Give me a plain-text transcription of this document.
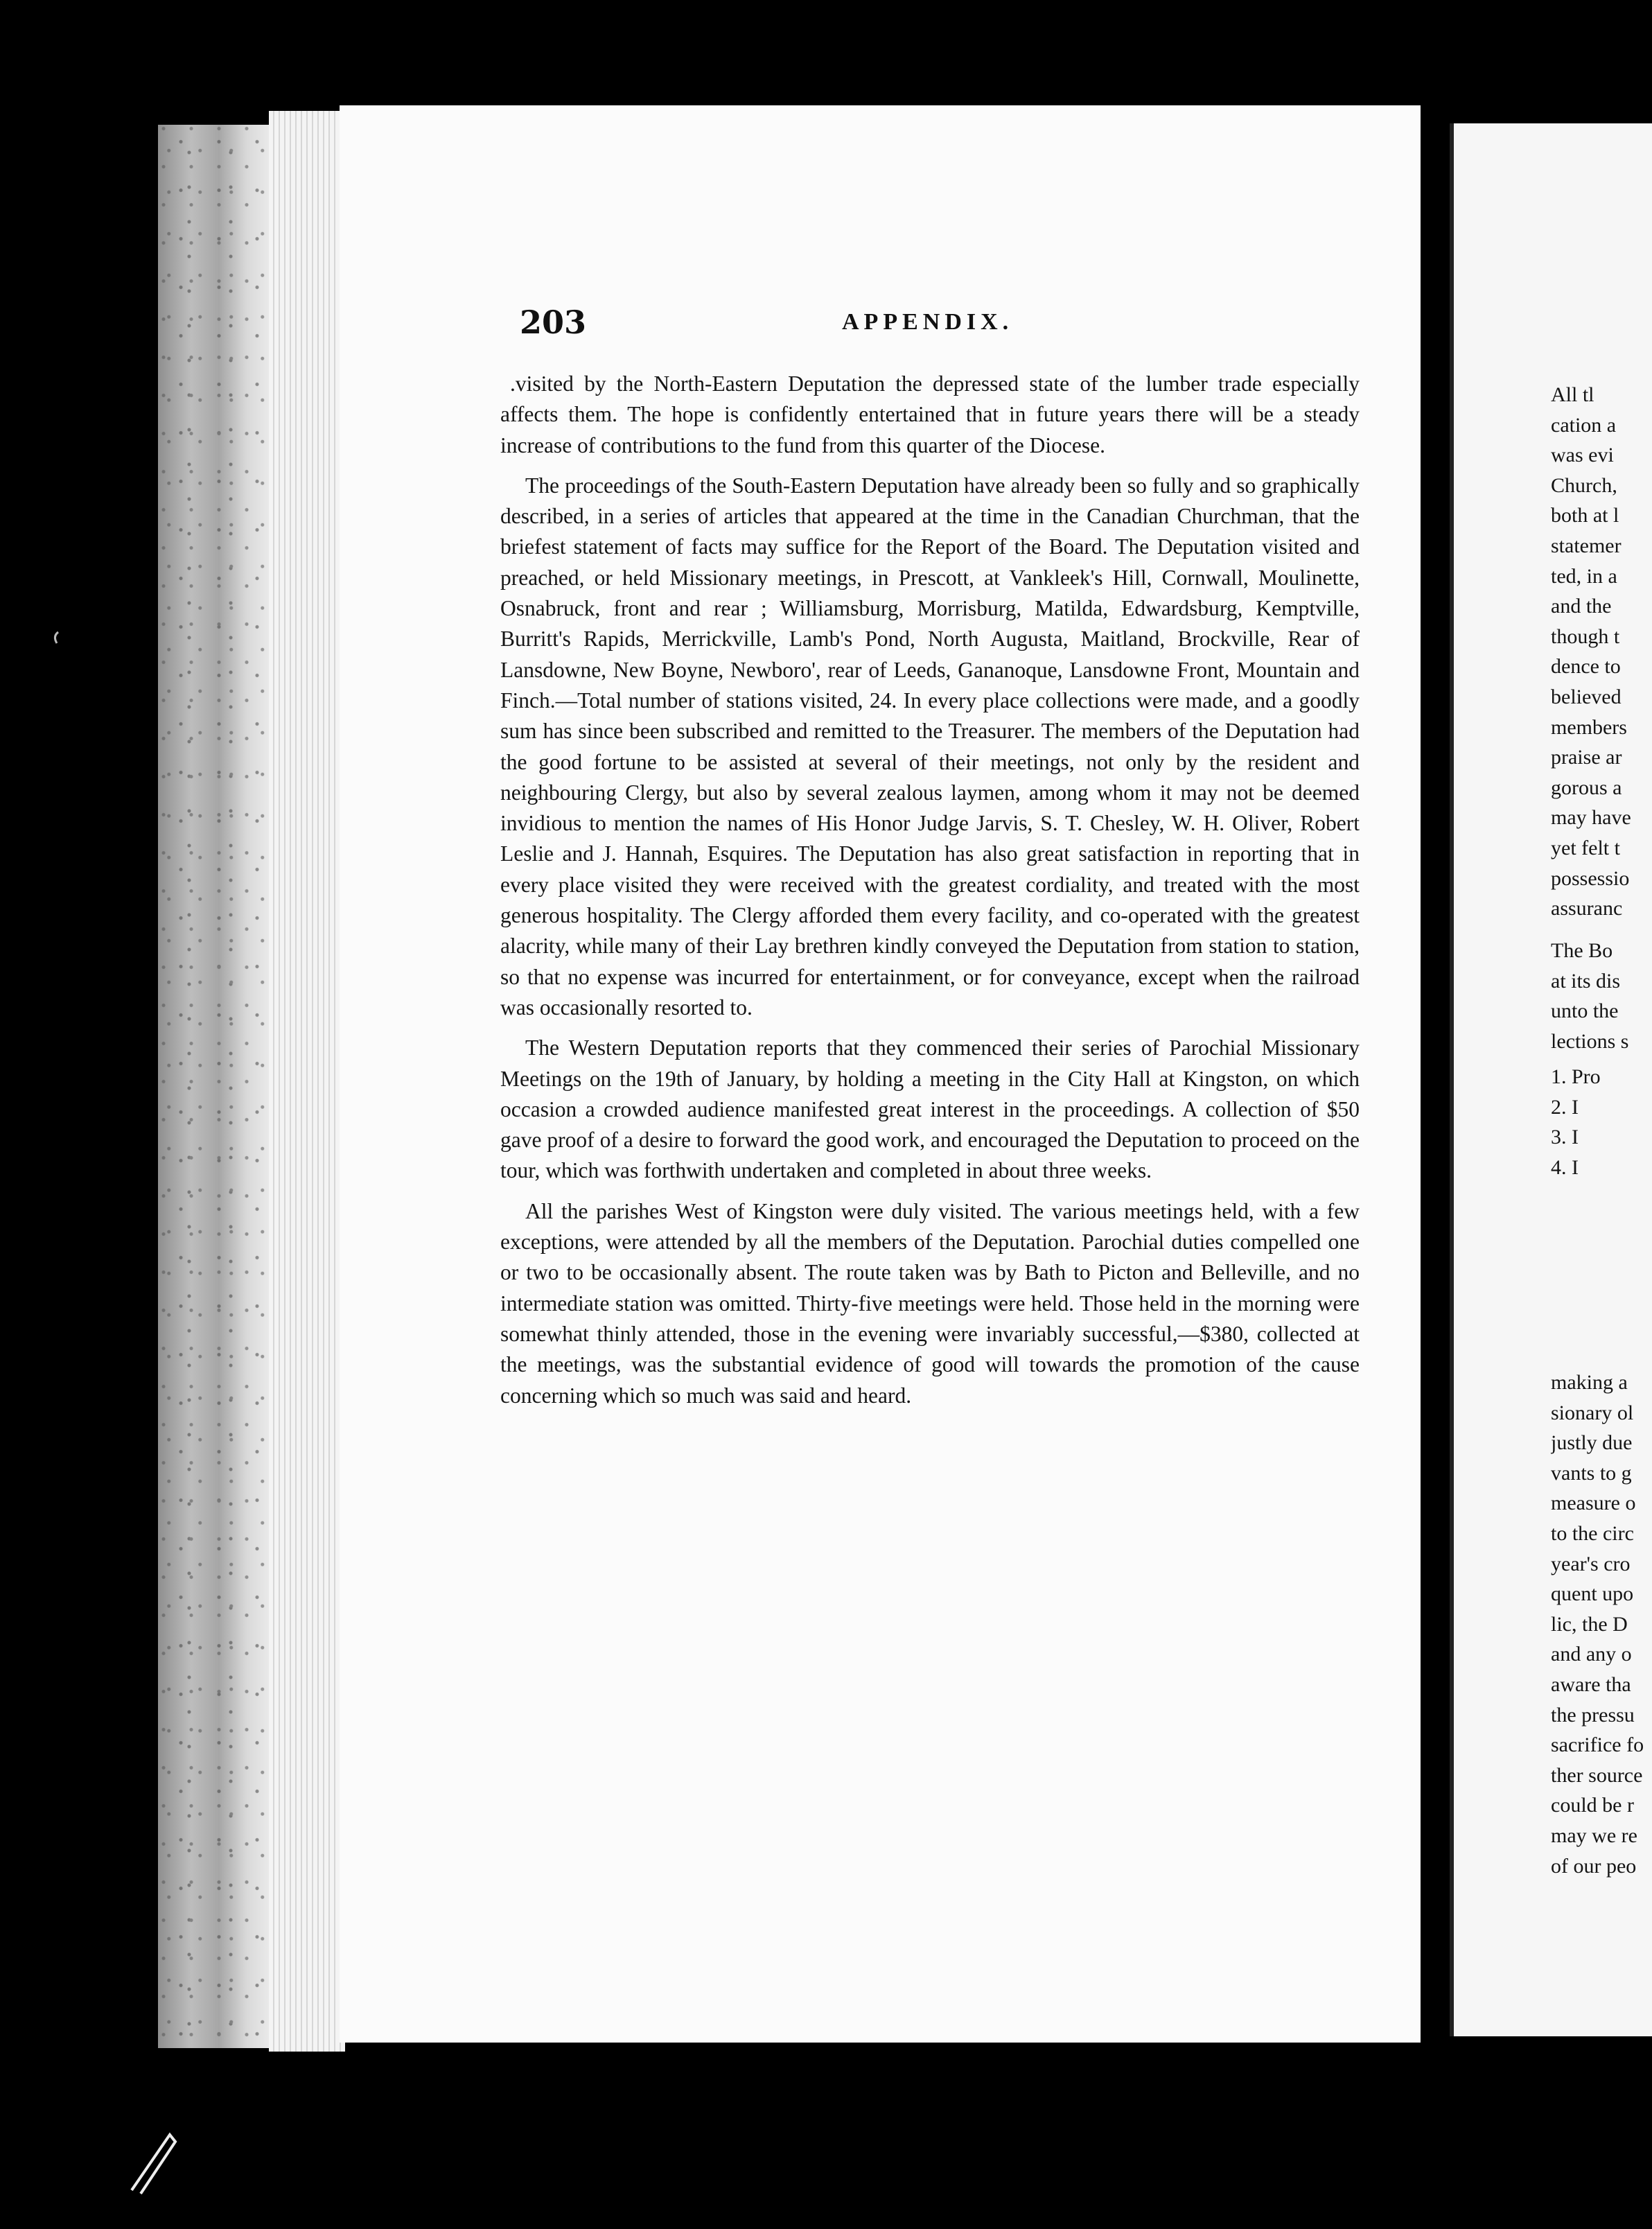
203	APPENDIX.

.visited by the North-Eastern Deputation the depressed state of the lumber trade especially affects them. The hope is confidently entertained that in future years there will be a steady increase of contributions to the fund from this quarter of the Diocese.

The proceedings of the South-Eastern Deputation have already been so fully and so graphically described, in a series of articles that appeared at the time in the Canadian Churchman, that the briefest statement of facts may suffice for the Report of the Board. The Deputation visited and preached, or held Missionary meetings, in Prescott, at Vankleek's Hill, Cornwall, Moulinette, Osnabruck, front and rear ; Williamsburg, Morrisburg, Matilda, Edwardsburg, Kemptville, Burritt's Rapids, Merrickville, Lamb's Pond, North Augusta, Maitland, Brockville, Rear of Lansdowne, New Boyne, Newboro', rear of Leeds, Gananoque, Lansdowne Front, Mountain and Finch.—Total number of stations visited, 24. In every place collections were made, and a goodly sum has since been subscribed and remitted to the Treasurer. The members of the Deputation had the good fortune to be assisted at several of their meetings, not only by the resident and neighbouring Clergy, but also by several zealous laymen, among whom it may not be deemed invidious to mention the names of His Honor Judge Jarvis, S. T. Chesley, W. H. Oliver, Robert Leslie and J. Hannah, Esquires. The Deputation has also great satisfaction in reporting that in every place visited they were received with the greatest cordiality, and treated with the most generous hospitality. The Clergy afforded them every facility, and co-operated with the greatest alacrity, while many of their Lay brethren kindly conveyed the Deputation from station to station, so that no expense was incurred for entertainment, or for conveyance, except when the railroad was occasionally resorted to.

The Western Deputation reports that they commenced their series of Parochial Missionary Meetings on the 19th of January, by holding a meeting in the City Hall at Kingston, on which occasion a crowded audience manifested great interest in the proceedings. A collection of $50 gave proof of a desire to forward the good work, and encouraged the Deputation to proceed on the tour, which was forthwith undertaken and completed in about three weeks.

All the parishes West of Kingston were duly visited. The various meetings held, with a few exceptions, were attended by all the members of the Deputation. Parochial duties compelled one or two to be occasionally absent. The route taken was by Bath to Picton and Belleville, and no intermediate station was omitted. Thirty-five meetings were held. Those held in the morning were somewhat thinly attended, those in the evening were invariably successful,—$380, collected at the meetings, was the substantial evidence of good will towards the promotion of the cause concerning which so much was said and heard.

All tl
cation a
was evi
Church,
both at l
statemer
ted, in a
and the
though t
dence to
believed
members
praise ar
gorous a
may have
yet felt t
possessio
assuranc
The Bo
at its dis
unto the
lections s
1. Pro
2. I
3. I
4. I
making a
sionary ol
justly due
vants to g
measure o
to the circ
year's cro
quent upo
lic, the D
and any o
aware tha
the pressu
sacrifice fo
ther source
could be r
may we re
of our peo
